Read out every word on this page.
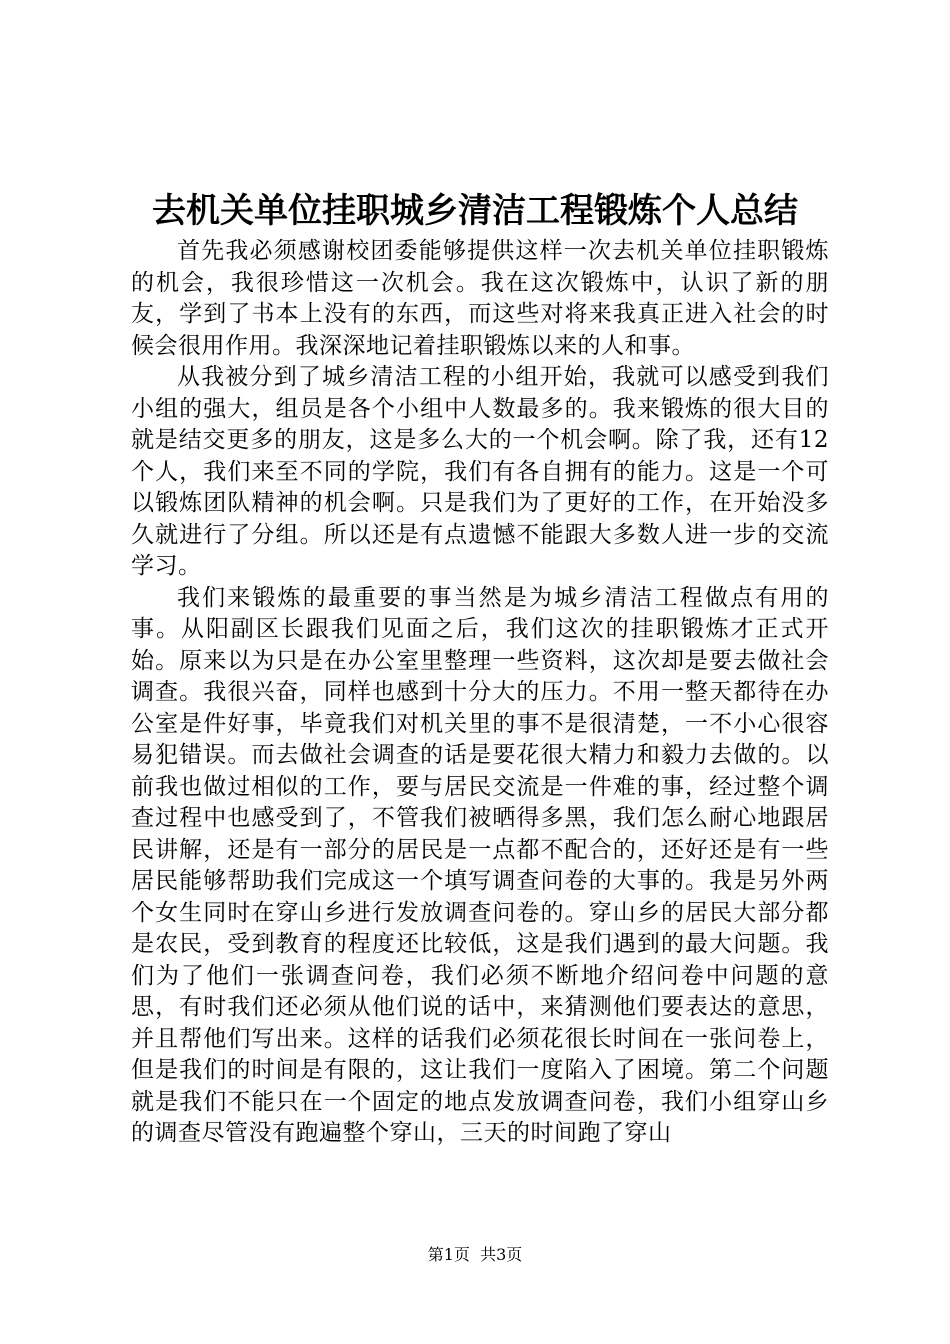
去机关单位挂职城乡清洁工程锻炼个人总结

首先我必须感谢校团委能够提供这样一次去机关单位挂职锻炼的机会，我很珍惜这一次机会。我在这次锻炼中，认识了新的朋友，学到了书本上没有的东西，而这些对将来我真正进入社会的时候会很用作用。我深深地记着挂职锻炼以来的人和事。

从我被分到了城乡清洁工程的小组开始，我就可以感受到我们小组的强大，组员是各个小组中人数最多的。我来锻炼的很大目的就是结交更多的朋友，这是多么大的一个机会啊。除了我，还有12个人，我们来至不同的学院，我们有各自拥有的能力。这是一个可以锻炼团队精神的机会啊。只是我们为了更好的工作，在开始没多久就进行了分组。所以还是有点遗憾不能跟大多数人进一步的交流学习。

我们来锻炼的最重要的事当然是为城乡清洁工程做点有用的事。从阳副区长跟我们见面之后，我们这次的挂职锻炼才正式开始。原来以为只是在办公室里整理一些资料，这次却是要去做社会调查。我很兴奋，同样也感到十分大的压力。不用一整天都待在办公室是件好事，毕竟我们对机关里的事不是很清楚，一不小心很容易犯错误。而去做社会调查的话是要花很大精力和毅力去做的。以前我也做过相似的工作，要与居民交流是一件难的事，经过整个调查过程中也感受到了，不管我们被晒得多黑，我们怎么耐心地跟居民讲解，还是有一部分的居民是一点都不配合的，还好还是有一些居民能够帮助我们完成这一个填写调查问卷的大事的。我是另外两个女生同时在穿山乡进行发放调查问卷的。穿山乡的居民大部分都是农民，受到教育的程度还比较低，这是我们遇到的最大问题。我们为了他们一张调查问卷，我们必须不断地介绍问卷中问题的意思，有时我们还必须从他们说的话中，来猜测他们要表达的意思，并且帮他们写出来。这样的话我们必须花很长时间在一张问卷上，但是我们的时间是有限的，这让我们一度陷入了困境。第二个问题就是我们不能只在一个固定的地点发放调查问卷，我们小组穿山乡的调查尽管没有跑遍整个穿山，三天的时间跑了穿山

第1页  共3页
